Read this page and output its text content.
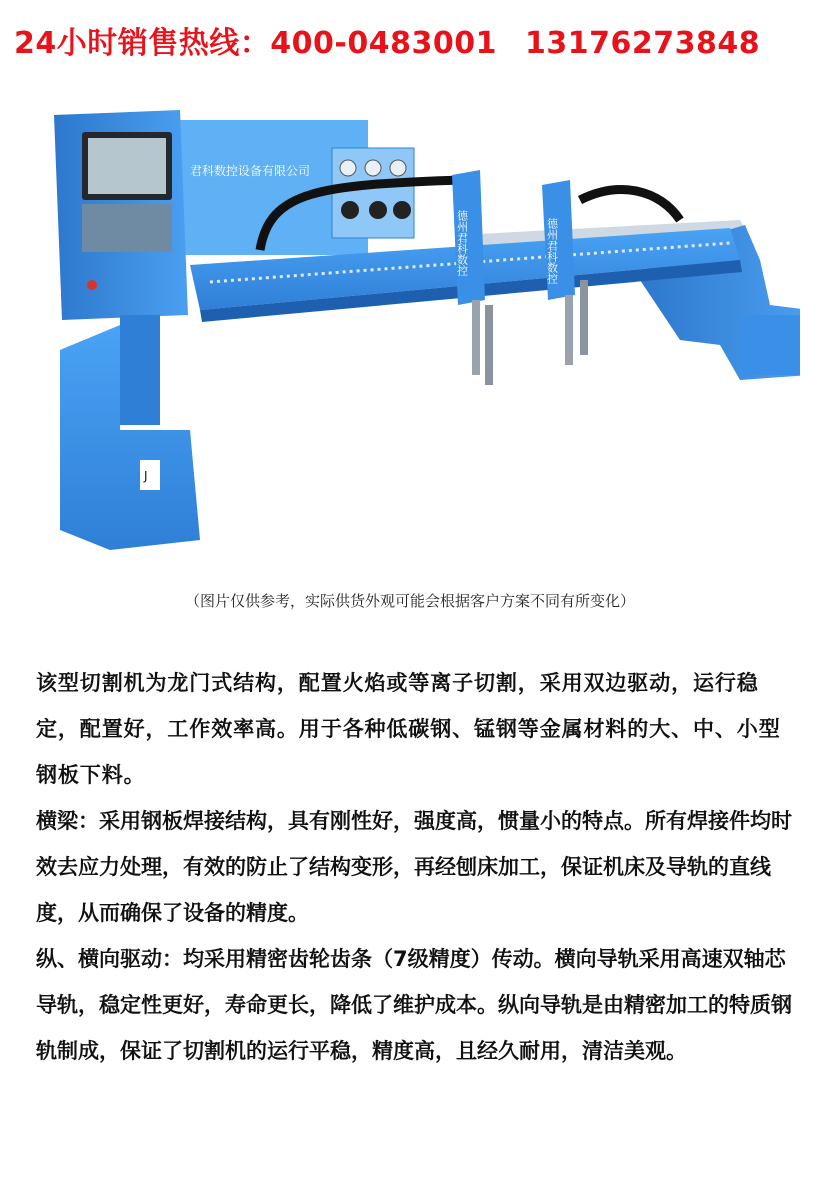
24小时销售热线：400-0483001 13176273848
君科数控设备有限公司
德州君科数控	德州君科数控
J
（图片仅供参考，实际供货外观可能会根据客户方案不同有所变化）

该型切割机为龙门式结构，配置火焰或等离子切割，采用双边驱动，运行稳定，配置好，工作效率高。用于各种低碳钢、锰钢等金属材料的大、中、小型钢板下料。

横梁：采用钢板焊接结构，具有刚性好，强度高，惯量小的特点。所有焊接件均时效去应力处理，有效的防止了结构变形，再经刨床加工，保证机床及导轨的直线度，从而确保了设备的精度。

纵、横向驱动：均采用精密齿轮齿条（7级精度）传动。横向导轨采用高速双轴芯导轨，稳定性更好，寿命更长，降低了维护成本。纵向导轨是由精密加工的特质钢轨制成，保证了切割机的运行平稳，精度高，且经久耐用，清洁美观。
